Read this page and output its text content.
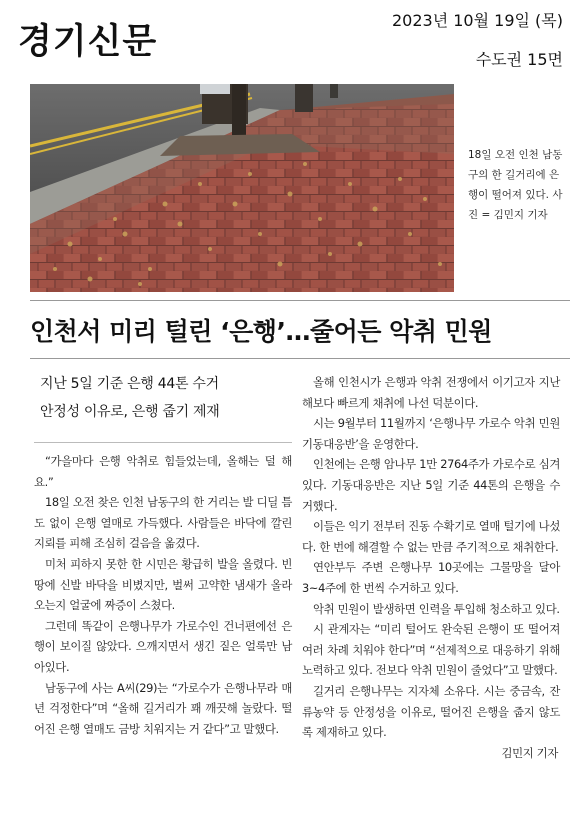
경기신문
2023년 10월 19일 (목)
수도권 15면
18일 오전 인천 남동구의 한 길거리에 은행이 떨어져 있다. 사진 = 김민지 기자
인천서 미리 털린 ‘은행’…줄어든 악취 민원
지난 5일 기준 은행 44톤 수거
안정성 이유로, 은행 줍기 제재

“가을마다 은행 악취로 힘들었는데, 올해는 덜 해요.”

18일 오전 찾은 인천 남동구의 한 거리는 발 디딜 틈도 없이 은행 열매로 가득했다. 사람들은 바닥에 깔린 지뢰를 피해 조심히 걸음을 옮겼다.

미처 피하지 못한 한 시민은 황급히 발을 올렸다. 빈 땅에 신발 바닥을 비볐지만, 벌써 고약한 냄새가 올라오는지 얼굴에 짜증이 스쳤다.

그런데 똑같이 은행나무가 가로수인 건너편에선 은행이 보이질 않았다. 으깨지면서 생긴 짙은 얼룩만 남아있다.

남동구에 사는 A씨(29)는 “가로수가 은행나무라 매년 걱정한다”며 “올해 길거리가 꽤 깨끗해 놀랐다. 떨어진 은행 열매도 금방 치워지는 거 같다”고 말했다.

올해 인천시가 은행과 악취 전쟁에서 이기고자 지난해보다 빠르게 채취에 나선 덕분이다.

시는 9월부터 11월까지 ‘은행나무 가로수 악취 민원 기동대응반’을 운영한다.

인천에는 은행 암나무 1만 2764주가 가로수로 심겨 있다. 기동대응반은 지난 5일 기준 44톤의 은행을 수거했다.

이들은 익기 전부터 진동 수확기로 열매 털기에 나섰다. 한 번에 해결할 수 없는 만큼 주기적으로 채취한다.

연안부두 주변 은행나무 10곳에는 그물망을 달아 3~4주에 한 번씩 수거하고 있다.

악취 민원이 발생하면 인력을 투입해 청소하고 있다.

시 관계자는 “미리 털어도 완숙된 은행이 또 떨어져 여러 차례 치워야 한다”며 “선제적으로 대응하기 위해 노력하고 있다. 전보다 악취 민원이 줄었다”고 말했다.

길거리 은행나무는 지자체 소유다. 시는 중금속, 잔류농약 등 안정성을 이유로, 떨어진 은행을 줍지 않도록 제재하고 있다.

김민지 기자
